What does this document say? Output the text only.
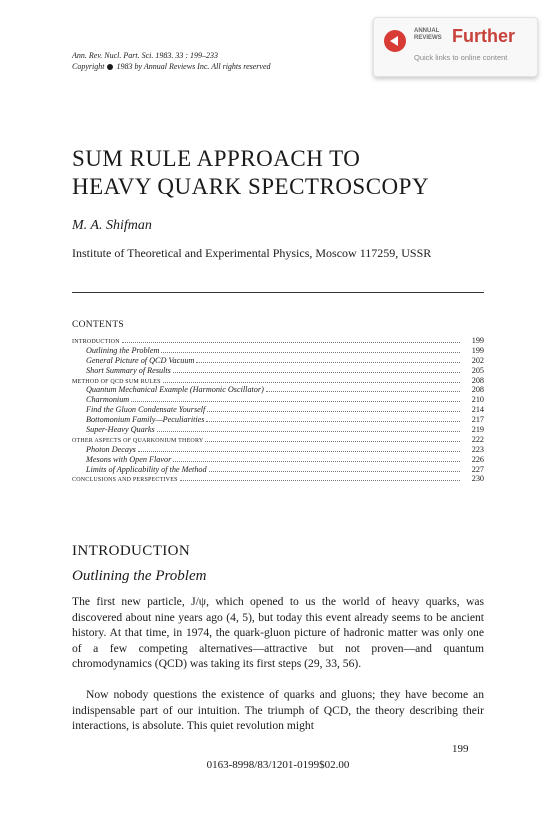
Ann. Rev. Nucl. Part. Sci. 1983. 33 : 199–233
Copyright 1983 by Annual Reviews Inc. All rights reserved
ANNUAL
REVIEWS Further
Quick links to online content
SUM RULE APPROACH TO
HEAVY QUARK SPECTROSCOPY
M. A. Shifman
Institute of Theoretical and Experimental Physics, Moscow 117259, USSR
CONTENTS
INTRODUCTION	199
Outlining the Problem	199
General Picture of QCD Vacuum	202
Short Summary of Results	205
METHOD OF QCD SUM RULES	208
Quantum Mechanical Example (Harmonic Oscillator)	208
Charmonium	210
Find the Gluon Condensate Yourself	214
Bottomonium Family—Peculiarities	217
Super-Heavy Quarks	219
OTHER ASPECTS OF QUARKONIUM THEORY	222
Photon Decays	223
Mesons with Open Flavor	226
Limits of Applicability of the Method	227
CONCLUSIONS AND PERSPECTIVES	230
INTRODUCTION
Outlining the Problem
The first new particle, J/ψ, which opened to us the world of heavy quarks, was discovered about nine years ago (4, 5), but today this event already seems to be ancient history. At that time, in 1974, the quark-gluon picture of hadronic matter was only one of a few competing alternatives—attractive but not proven—and quantum chromodynamics (QCD) was taking its first steps (29, 33, 56).
Now nobody questions the existence of quarks and gluons; they have become an indispensable part of our intuition. The triumph of QCD, the theory describing their interactions, is absolute. This quiet revolution might
199
0163-8998/83/1201-0199$02.00
